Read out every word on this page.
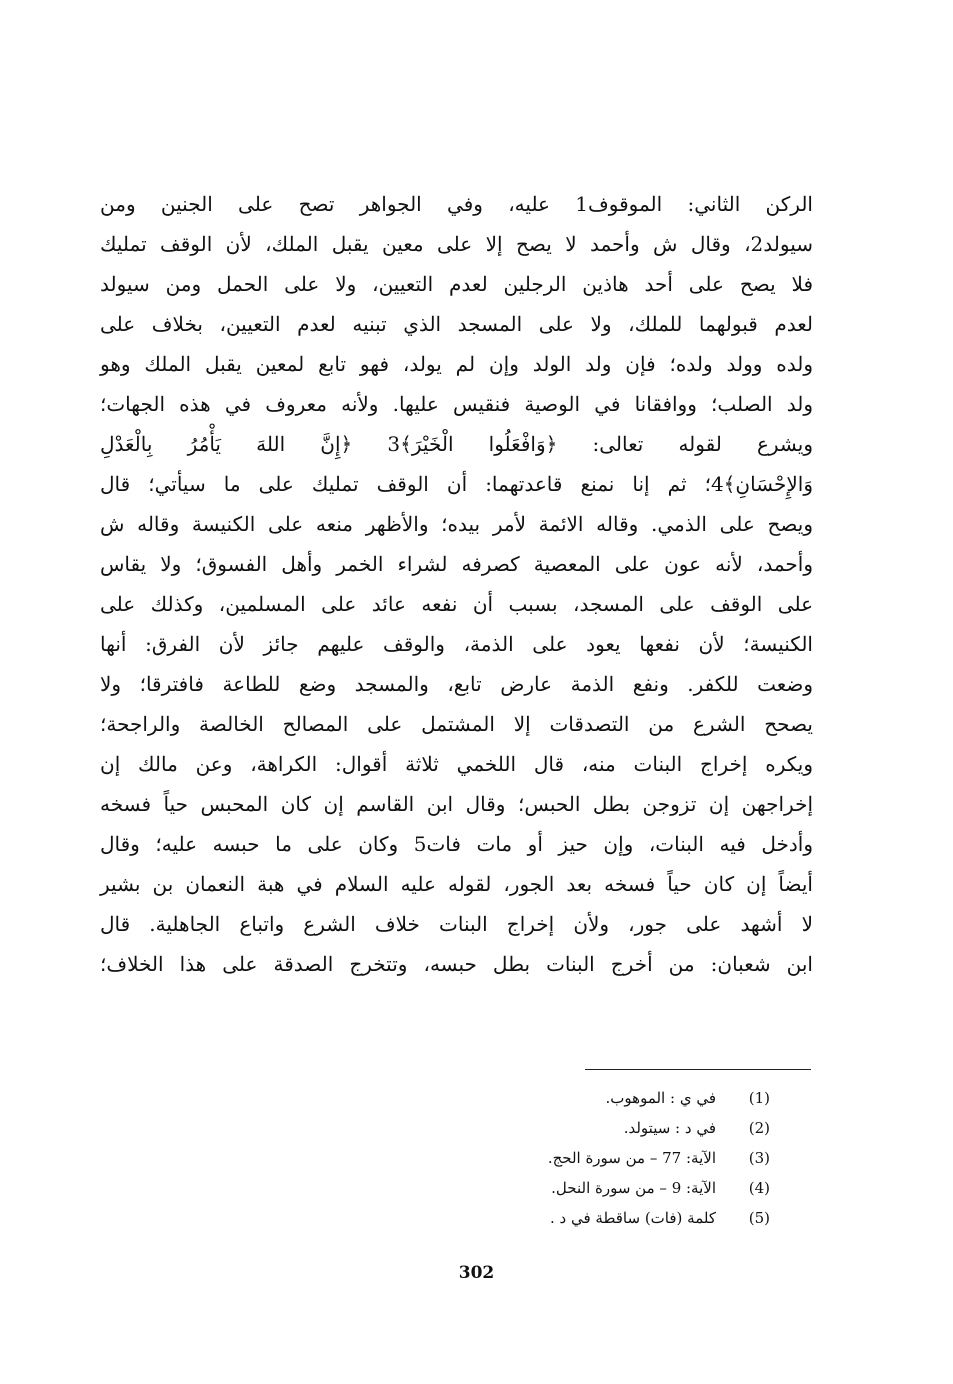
الركن الثاني: الموقوف1 عليه، وفي الجواهر تصح على الجنين ومن
سيولد2، وقال ش وأحمد لا يصح إلا على معين يقبل الملك، لأن الوقف تمليك
فلا يصح على أحد هاذين الرجلين لعدم التعيين، ولا على الحمل ومن سيولد
لعدم قبولهما للملك، ولا على المسجد الذي تبنيه لعدم التعيين، بخلاف على
ولده وولد ولده؛ فإن ولد الولد وإن لم يولد، فهو تابع لمعين يقبل الملك وهو
ولد الصلب؛ ووافقانا في الوصية فنقيس عليها. ولأنه معروف في هذه الجهات؛
ويشرع لقوله تعالى: ﴿وَافْعَلُوا الْخَيْرَ﴾3 ﴿إِنَّ اللهَ يَأْمُرُ بِالْعَدْلِ
وَالإِحْسَانِ﴾4؛ ثم إنا نمنع قاعدتهما: أن الوقف تمليك على ما سيأتي؛ قال
ويصح على الذمي. وقاله الائمة لأمر بيده؛ والأظهر منعه على الكنيسة وقاله ش
وأحمد، لأنه عون على المعصية كصرفه لشراء الخمر وأهل الفسوق؛ ولا يقاس
على الوقف على المسجد، بسبب أن نفعه عائد على المسلمين، وكذلك على
الكنيسة؛ لأن نفعها يعود على الذمة، والوقف عليهم جائز لأن الفرق: أنها
وضعت للكفر. ونفع الذمة عارض تابع، والمسجد وضع للطاعة فافترقا؛ ولا
يصحح الشرع من التصدقات إلا المشتمل على المصالح الخالصة والراجحة؛
ويكره إخراج البنات منه، قال اللخمي ثلاثة أقوال: الكراهة، وعن مالك إن
إخراجهن إن تزوجن بطل الحبس؛ وقال ابن القاسم إن كان المحبس حياً فسخه
وأدخل فيه البنات، وإن حيز أو مات فات5 وكان على ما حبسه عليه؛ وقال
أيضاً إن كان حياً فسخه بعد الجور، لقوله عليه السلام في هبة النعمان بن بشير
لا أشهد على جور، ولأن إخراج البنات خلاف الشرع واتباع الجاهلية. قال
ابن شعبان: من أخرج البنات بطل حبسه، وتتخرج الصدقة على هذا الخلاف؛
(1)
في ي : الموهوب.
(2)
في د : سيتولد.
(3)
الآية: 77 – من سورة الحج.
(4)
الآية: 9 – من سورة النحل.
(5)
كلمة (فات) ساقطة في د .
302
